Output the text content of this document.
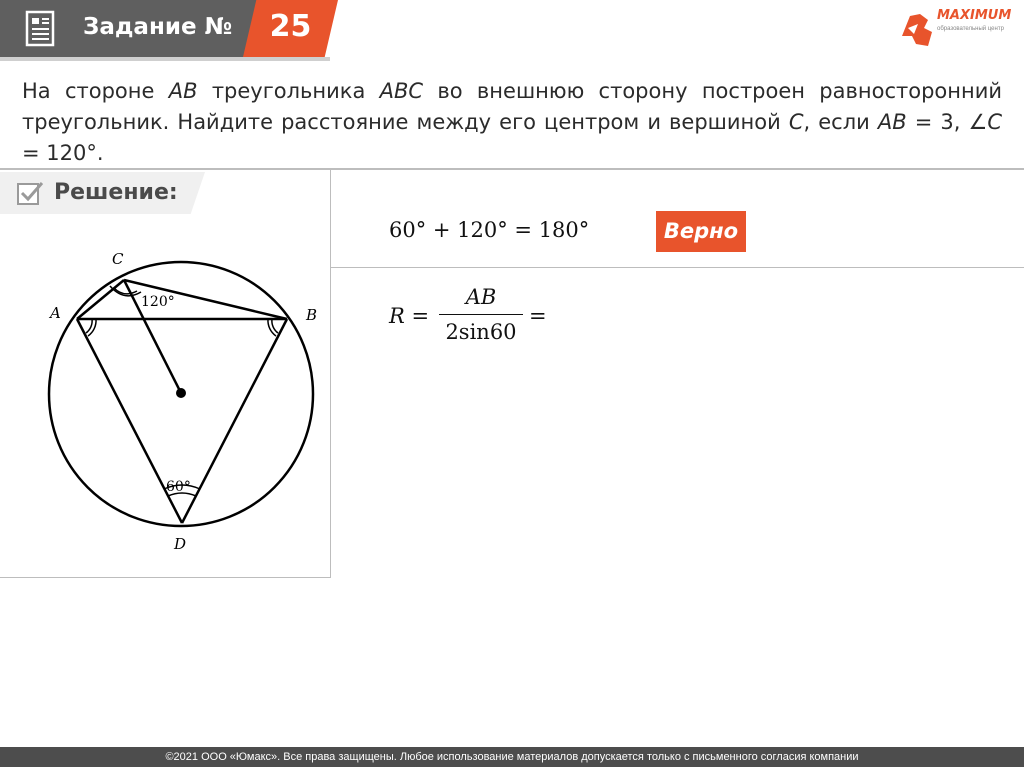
Задание №	25	MAXIMUM
образовательный центр
На стороне AB треугольника ABC во внешнюю сторону построен равносторонний треугольник. Найдите расстояние между его центром и вершиной C, если AB = 3, ∠C = 120°.
Решение:
60° + 120° = 180°	Верно
R =
AB
2sin60
=
C
A	B
D
120°
60°
©2021 ООО «Юмакс». Все права защищены. Любое использование материалов допускается только с письменного согласия компании
